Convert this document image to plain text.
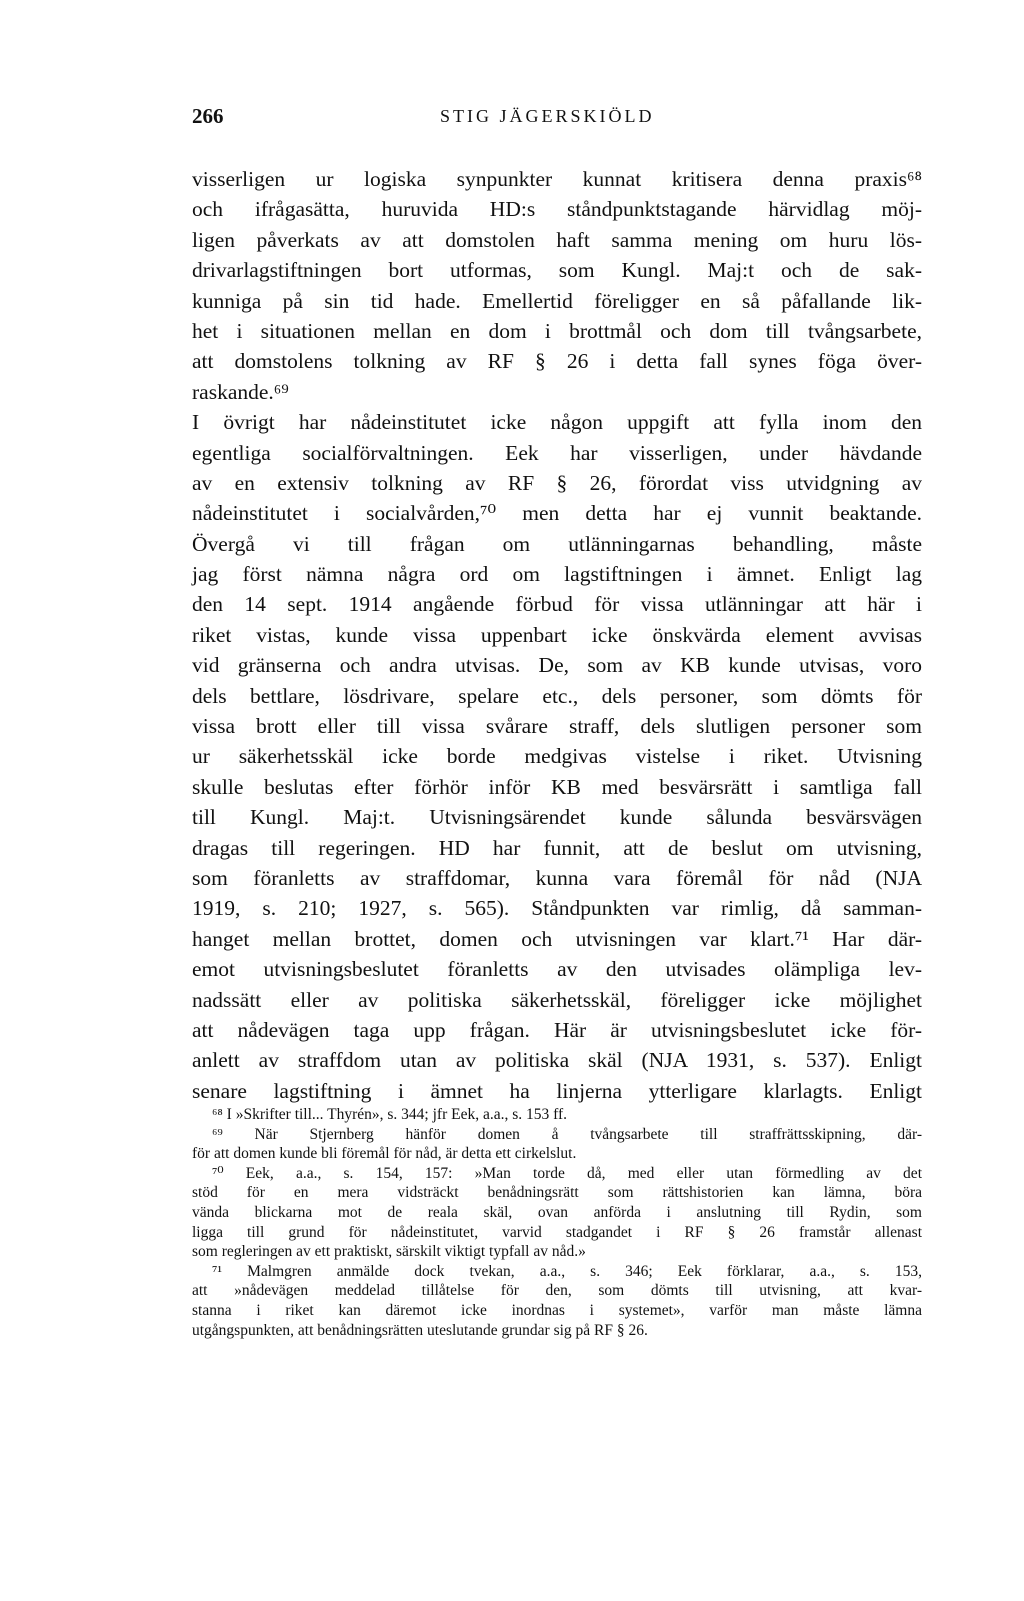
266	STIG JÄGERSKIÖLD
visserligen ur logiska synpunkter kunnat kritisera denna praxis⁶⁸
och ifrågasätta, huruvida HD:s ståndpunktstagande härvidlag möj-
ligen påverkats av att domstolen haft samma mening om huru lös-
drivarlagstiftningen bort utformas, som Kungl. Maj:t och de sak-
kunniga på sin tid hade. Emellertid föreligger en så påfallande lik-
het i situationen mellan en dom i brottmål och dom till tvångsarbete,
att domstolens tolkning av RF § 26 i detta fall synes föga över-
raskande.⁶⁹
I övrigt har nådeinstitutet icke någon uppgift att fylla inom den
egentliga socialförvaltningen. Eek har visserligen, under hävdande
av en extensiv tolkning av RF § 26, förordat viss utvidgning av
nådeinstitutet i socialvården,⁷⁰ men detta har ej vunnit beaktande.
Övergå vi till frågan om utlänningarnas behandling, måste
jag först nämna några ord om lagstiftningen i ämnet. Enligt lag
den 14 sept. 1914 angående förbud för vissa utlänningar att här i
riket vistas, kunde vissa uppenbart icke önskvärda element avvisas
vid gränserna och andra utvisas. De, som av KB kunde utvisas, voro
dels bettlare, lösdrivare, spelare etc., dels personer, som dömts för
vissa brott eller till vissa svårare straff, dels slutligen personer som
ur säkerhetsskäl icke borde medgivas vistelse i riket. Utvisning
skulle beslutas efter förhör inför KB med besvärsrätt i samtliga fall
till Kungl. Maj:t. Utvisningsärendet kunde sålunda besvärsvägen
dragas till regeringen. HD har funnit, att de beslut om utvisning,
som föranletts av straffdomar, kunna vara föremål för nåd (NJA
1919, s. 210; 1927, s. 565). Ståndpunkten var rimlig, då samman-
hanget mellan brottet, domen och utvisningen var klart.⁷¹ Har där-
emot utvisningsbeslutet föranletts av den utvisades olämpliga lev-
nadssätt eller av politiska säkerhetsskäl, föreligger icke möjlighet
att nådevägen taga upp frågan. Här är utvisningsbeslutet icke för-
anlett av straffdom utan av politiska skäl (NJA 1931, s. 537). Enligt
senare lagstiftning i ämnet ha linjerna ytterligare klarlagts. Enligt
⁶⁸ I »Skrifter till... Thyrén», s. 344; jfr Eek, a.a., s. 153 ff.
⁶⁹ När Stjernberg hänför domen å tvångsarbete till straffrättsskipning, där-
för att domen kunde bli föremål för nåd, är detta ett cirkelslut.
⁷⁰ Eek, a.a., s. 154, 157: »Man torde då, med eller utan förmedling av det
stöd för en mera vidsträckt benådningsrätt som rättshistorien kan lämna, böra
vända blickarna mot de reala skäl, ovan anförda i anslutning till Rydin, som
ligga till grund för nådeinstitutet, varvid stadgandet i RF § 26 framstår allenast
som regleringen av ett praktiskt, särskilt viktigt typfall av nåd.»
⁷¹ Malmgren anmälde dock tvekan, a.a., s. 346; Eek förklarar, a.a., s. 153,
att »nådevägen meddelad tillåtelse för den, som dömts till utvisning, att kvar-
stanna i riket kan däremot icke inordnas i systemet», varför man måste lämna
utgångspunkten, att benådningsrätten uteslutande grundar sig på RF § 26.
